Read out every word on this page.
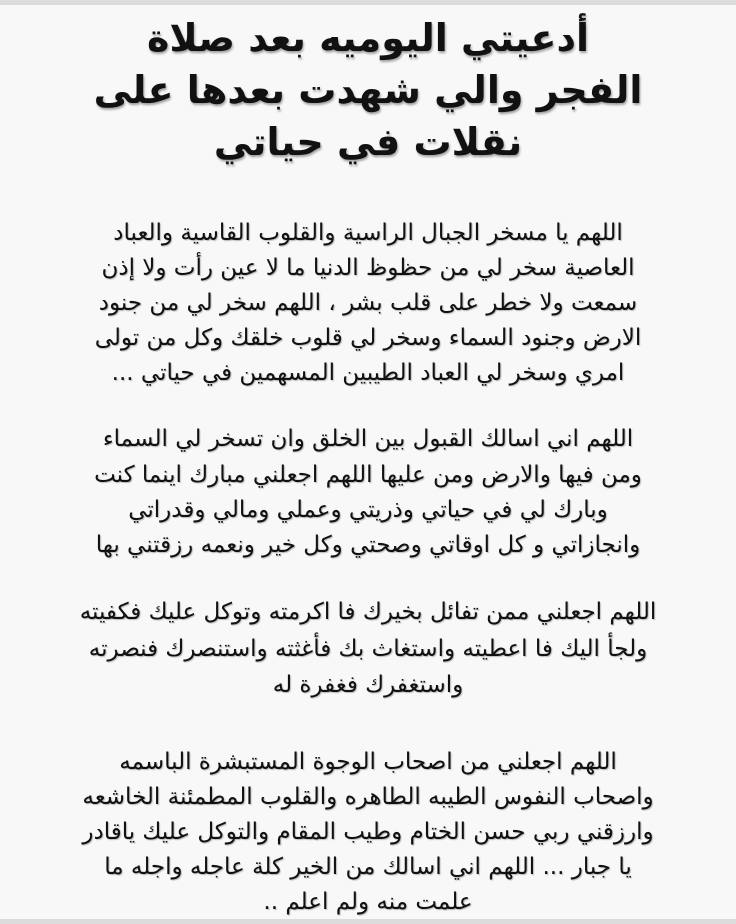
أدعيتي اليوميه بعد صلاة
الفجر والي شهدت بعدها على
نقلات في حياتي
اللهم يا مسخر الجبال الراسية والقلوب القاسية والعباد
العاصية سخر لي من حظوظ الدنيا ما لا عين رأت ولا إذن
سمعت ولا خطر على قلب بشر ، اللهم سخر لي من جنود
الارض وجنود السماء وسخر لي قلوب خلقك وكل من تولى
امري وسخر لي العباد الطيبين المسهمين في حياتي ...
اللهم اني اسالك القبول بين الخلق وان تسخر لي السماء
ومن فيها والارض ومن عليها اللهم اجعلني مبارك اينما كنت
وبارك لي في حياتي وذريتي وعملي ومالي وقدراتي
وانجازاتي و كل اوقاتي وصحتي وكل خير ونعمه رزقتني بها
اللهم اجعلني ممن تفائل بخيرك فا اكرمته وتوكل عليك فكفيته
ولجأ اليك فا اعطيته واستغاث بك فأغثته واستنصرك فنصرته
واستغفرك فغفرة له
اللهم اجعلني من اصحاب الوجوة المستبشرة الباسمه
واصحاب النفوس الطيبه الطاهره والقلوب المطمئنة الخاشعه
وارزقني ربي حسن الختام وطيب المقام والتوكل عليك ياقادر
يا جبار ... اللهم اني اسالك من الخير كلة عاجله واجله ما
علمت منه ولم اعلم ..
